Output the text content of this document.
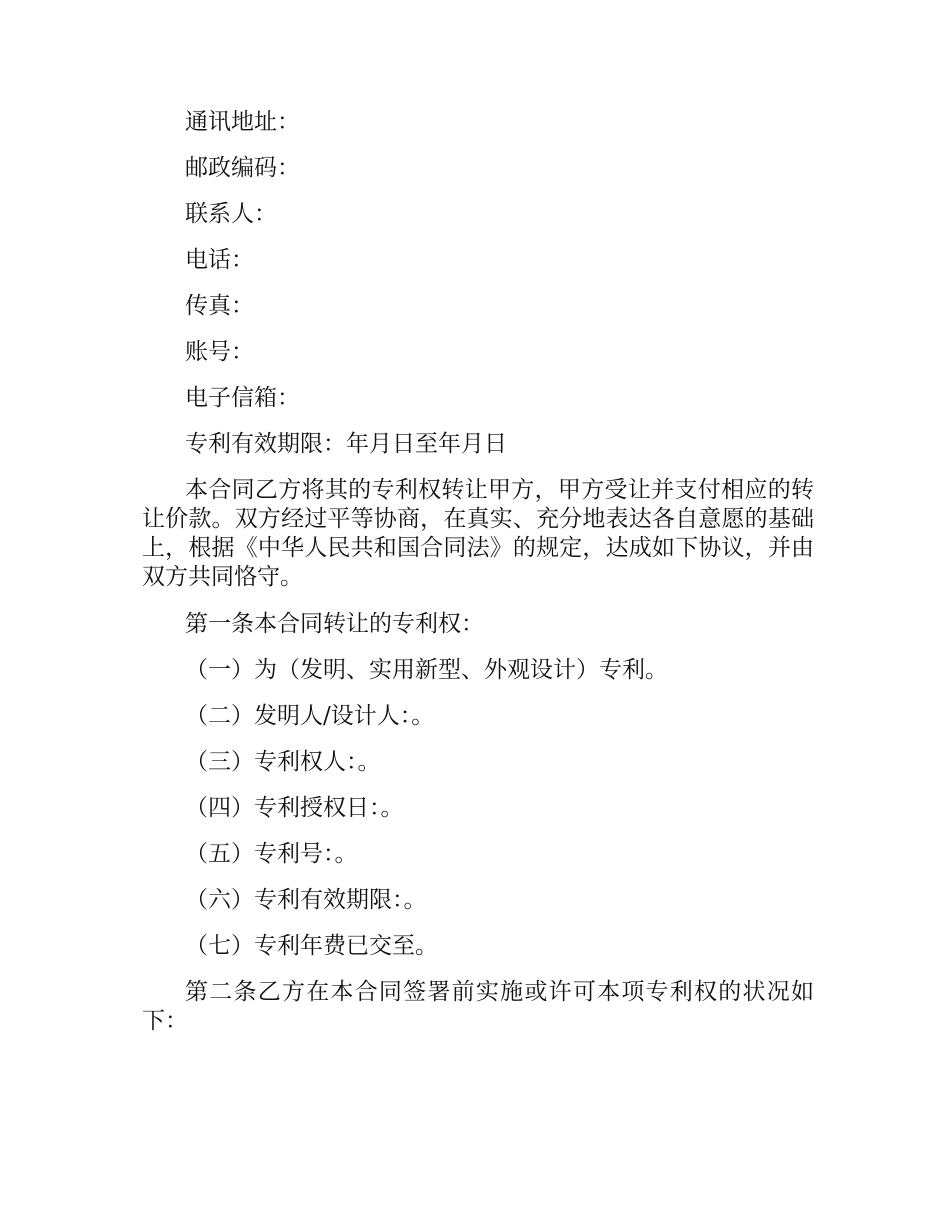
通讯地址：
邮政编码：
联系人：
电话：
传真：
账号：
电子信箱：
专利有效期限：年月日至年月日
本合同乙方将其的专利权转让甲方，甲方受让并支付相应的转让价款。双方经过平等协商，在真实、充分地表达各自意愿的基础上，根据《中华人民共和国合同法》的规定，达成如下协议，并由双方共同恪守。
第一条本合同转让的专利权：
（一）为（发明、实用新型、外观设计）专利。
（二）发明人/设计人：。
（三）专利权人：。
（四）专利授权日：。
（五）专利号：。
（六）专利有效期限：。
（七）专利年费已交至。
第二条乙方在本合同签署前实施或许可本项专利权的状况如下：
